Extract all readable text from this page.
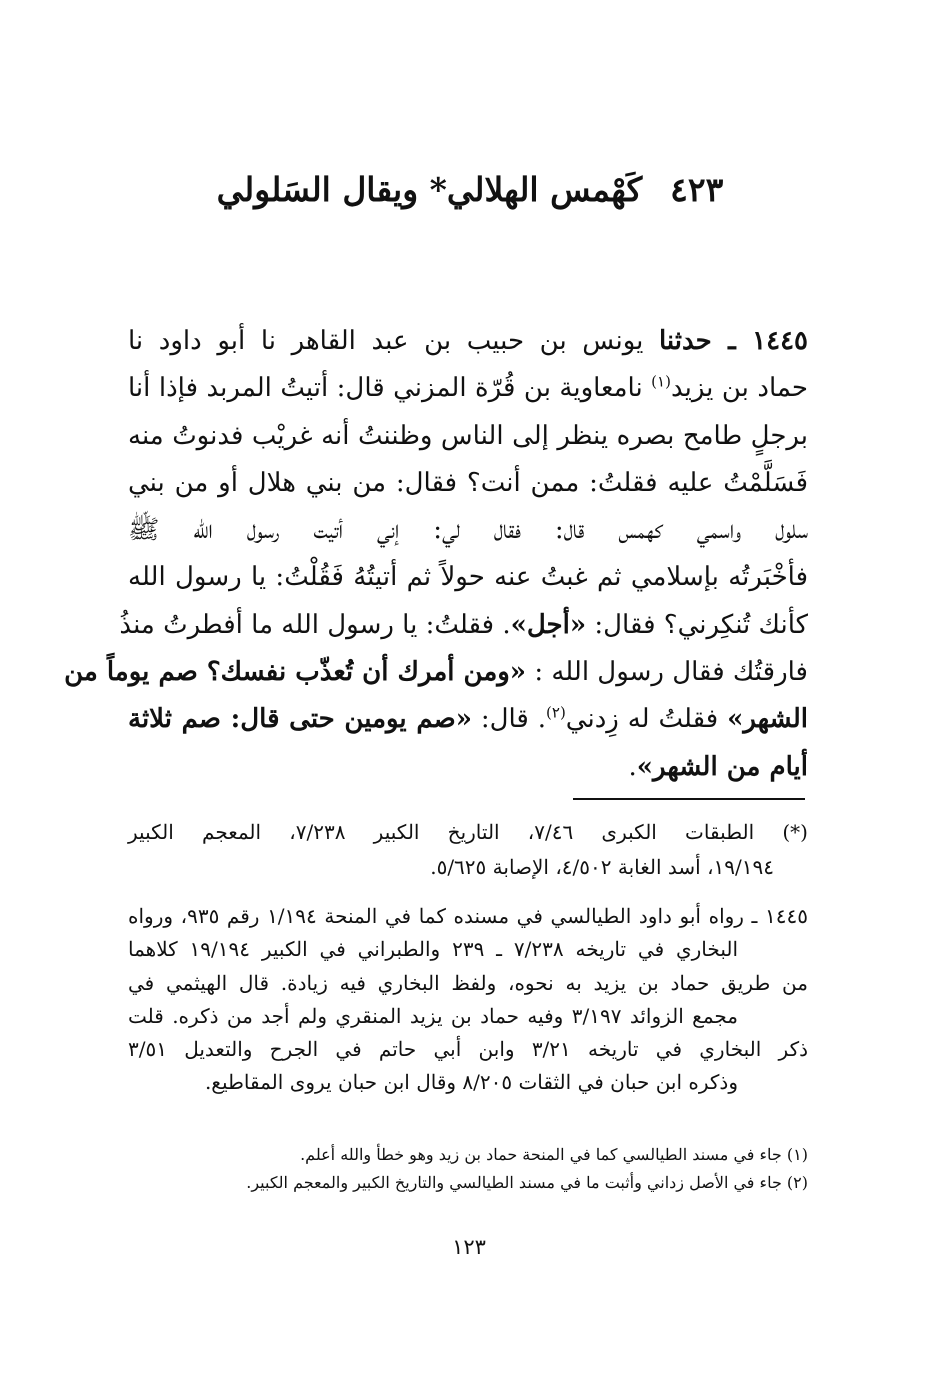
٤٢٣كَهْمس الهلالي* ويقال السَلولي
١٤٤٥ ـ حدثنا يونس بن حبيب بن عبد القاهر نا أبو داود نا
حماد بن يزيد$^{(١)}$ نامعاوية بن قُرّة المزني قال: أتيتُ المربد فإذا أنا
برجلٍ طامح بصره ينظر إلى الناس وظننتُ أنه غريْب فدنوتُ منه
فَسَلَّمْتُ عليه فقلتُ: ممن أنت؟ فقال: من بني هلال أو من بني
سلول واسمي كهمس قال: فقال لي: إني أتيت رسول الله ﷺ
فأخْبَرتُه بإسلامي ثم غبتُ عنه حولاً ثم أتيتُهُ فَقُلْتُ: يا رسول الله
كأنك تُنكِرني؟ فقال: «أجل». فقلتُ: يا رسول الله ما أفطرتُ منذُ
فارقتُك فقال رسول الله : «ومن أمرك أن تُعذّب نفسك؟ صم يوماً من
الشهر» فقلتُ له زِدني$^{(٢)}$. قال: «صم يومين حتى قال: صم ثلاثة
أيام من الشهر».
(*) الطبقات الكبرى ٧/٤٦، التاريخ الكبير ٧/٢٣٨، المعجم الكبير
١٩/١٩٤، أسد الغابة ٤/٥٠٢، الإصابة ٥/٦٢٥.
١٤٤٥ ـ رواه أبو داود الطيالسي في مسنده كما في المنحة ١/١٩٤ رقم ٩٣٥، ورواه
البخاري في تاريخه ٧/٢٣٨ ـ ٢٣٩ والطبراني في الكبير ١٩/١٩٤ كلاهما
من طريق حماد بن يزيد به نحوه، ولفظ البخاري فيه زيادة. قال الهيثمي في
مجمع الزوائد ٣/١٩٧ وفيه حماد بن يزيد المنقري ولم أجد من ذكره. قلت
ذكر البخاري في تاريخه ٣/٢١ وابن أبي حاتم في الجرح والتعديل ٣/٥١
وذكره ابن حبان في الثقات ٨/٢٠٥ وقال ابن حبان يروى المقاطيع.
(١) جاء في مسند الطيالسي كما في المنحة حماد بن زيد وهو خطأ والله أعلم.
(٢) جاء في الأصل زداني وأثبت ما في مسند الطيالسي والتاريخ الكبير والمعجم الكبير.
١٢٣
